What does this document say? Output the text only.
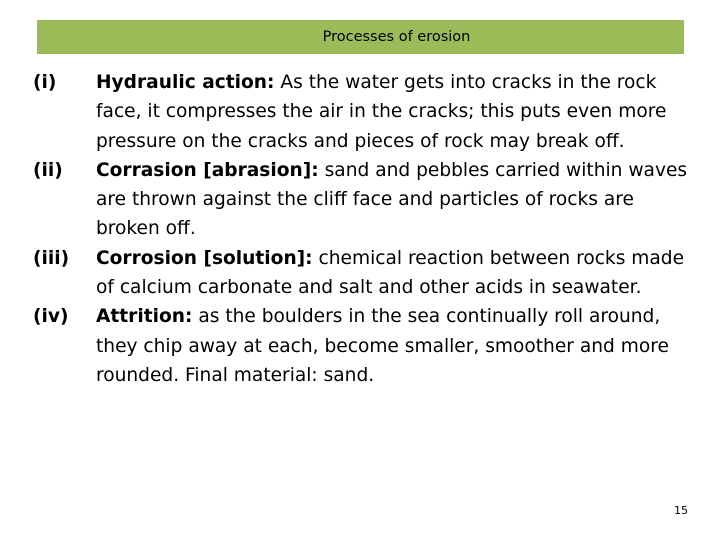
Processes of erosion
(i)	Hydraulic action: As the water gets into cracks in the rock face, it compresses the air in the cracks; this puts even more pressure on the cracks and pieces of rock may break off.
(ii)	Corrasion [abrasion]: sand and pebbles carried within waves are thrown against the cliff face and particles of rocks are broken off.
(iii)	Corrosion [solution]: chemical reaction between rocks made of calcium carbonate and salt and other acids in seawater.
(iv)	Attrition: as the boulders in the sea continually roll around, they chip away at each, become smaller, smoother and more rounded. Final material: sand.
15
